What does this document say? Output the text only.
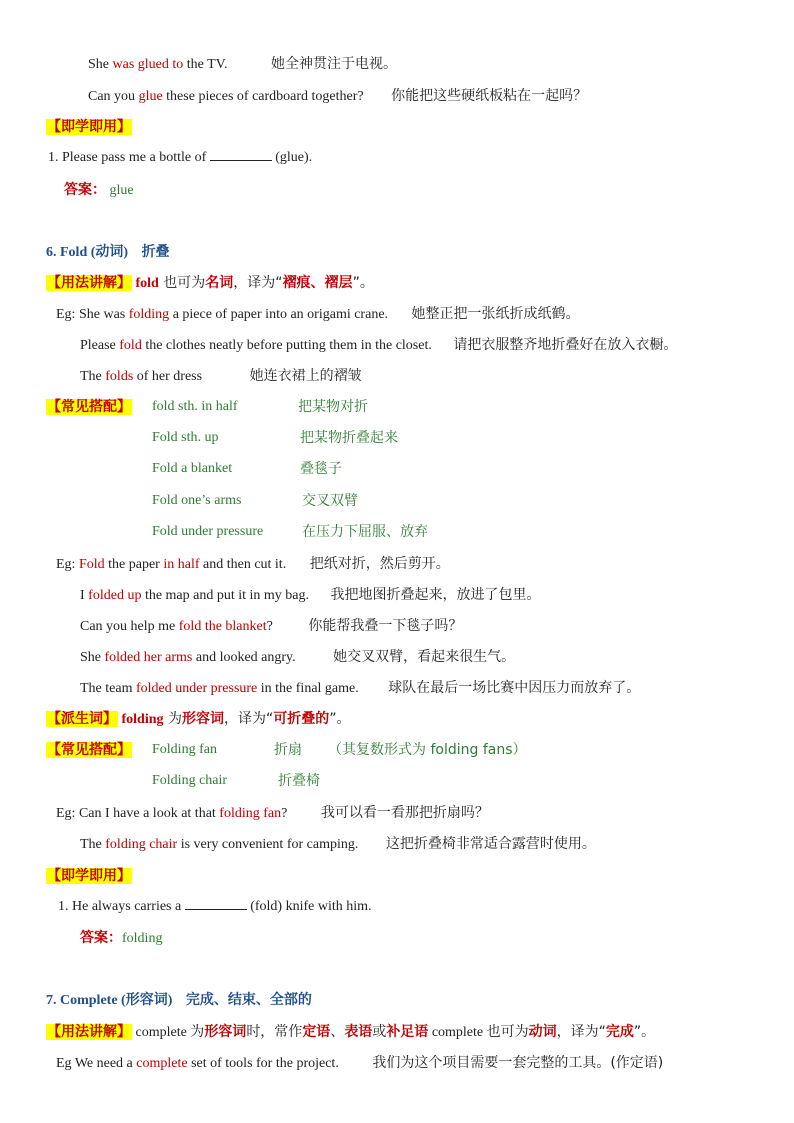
She was glued to the TV.	她全神贯注于电视。
Can you glue these pieces of cardboard together? 你能把这些硬纸板粘在一起吗？
【即学即用】
1. Please pass me a bottle of	(glue).
答案： glue
6. Fold (动词) 折叠
【用法讲解】 fold 也可为名词，译为“褶痕、褶层”。
Eg: She was folding a piece of paper into an origami crane. 她整正把一张纸折成纸鹤。
Please fold the clothes neatly before putting them in the closet. 请把衣服整齐地折叠好在放入衣橱。
The folds of her dress	她连衣裙上的褶皱
【常见搭配】 fold sth. in half	把某物对折
Fold sth. up	把某物折叠起来
Fold a blanket	叠毯子
Fold one’s arms	交叉双臂
Fold under pressure	在压力下屈服、放弃
Eg: Fold the paper in half and then cut it. 把纸对折，然后剪开。
I folded up the map and put it in my bag. 我把地图折叠起来，放进了包里。
Can you help me fold the blanket?	你能帮我叠一下毯子吗？
She folded her arms and looked angry.	她交叉双臂，看起来很生气。
The team folded under pressure in the final game. 球队在最后一场比赛中因压力而放弃了。
【派生词】 folding 为形容词，译为“可折叠的”。
【常见搭配】 Folding fan	折扇 （其复数形式为 folding fans）
Folding chair	折叠椅
Eg: Can I have a look at that folding fan? 我可以看一看那把折扇吗？
The folding chair is very convenient for camping. 这把折叠椅非常适合露营时使用。
【即学即用】
1. He always carries a	(fold) knife with him.
答案：folding
7. Complete (形容词) 完成、结束、全部的
【用法讲解】 complete 为形容词时，常作定语、表语或补足语 complete 也可为动词，译为“完成”。
Eg We need a complete set of tools for the project. 我们为这个项目需要一套完整的工具。(作定语)
